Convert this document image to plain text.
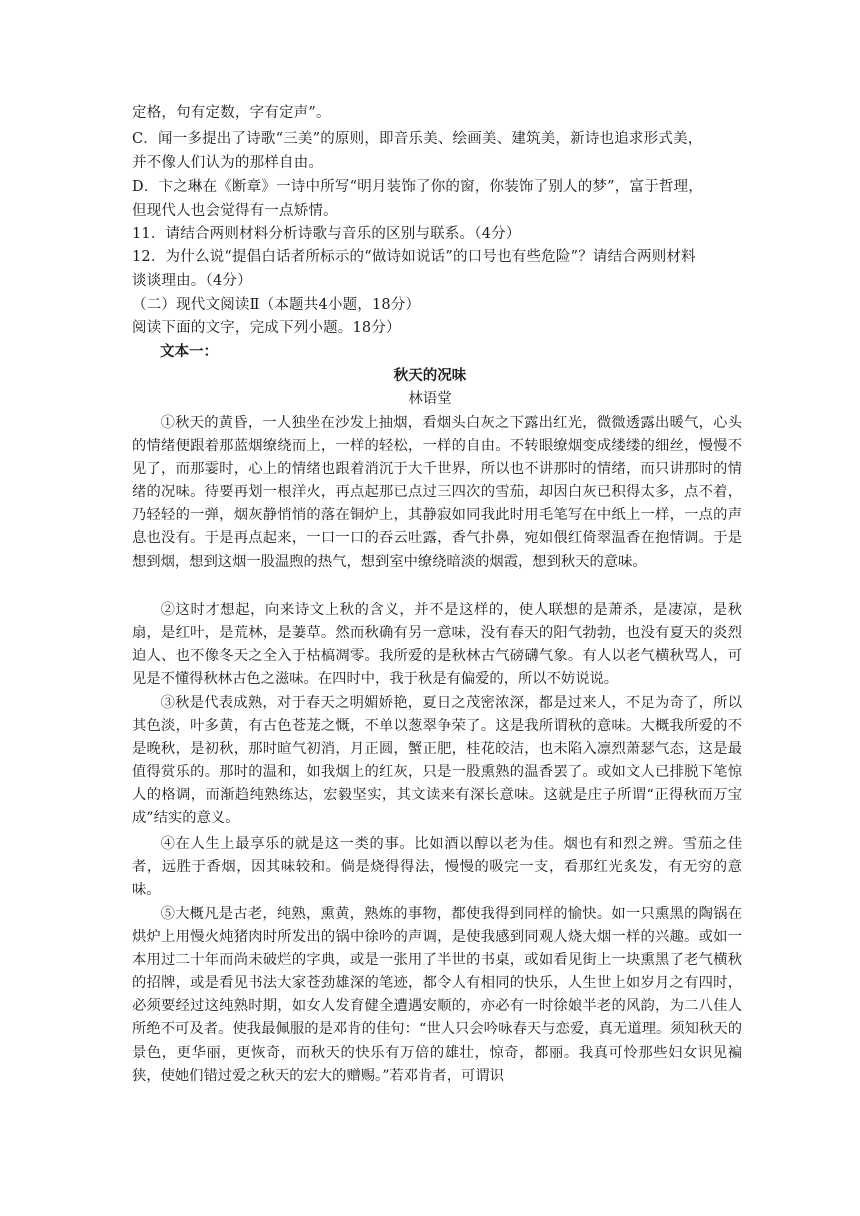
定格，句有定数，字有定声”。
C．闻一多提出了诗歌“三美”的原则，即音乐美、绘画美、建筑美，新诗也追求形式美，
并不像人们认为的那样自由。
D．卞之琳在《断章》一诗中所写“明月装饰了你的窗，你装饰了别人的梦”，富于哲理，
但现代人也会觉得有一点矫情。
11．请结合两则材料分析诗歌与音乐的区别与联系。（4分）
12．为什么说“提倡白话者所标示的“做诗如说话”的口号也有些危险”？请结合两则材料
谈谈理由。（4分）
（二）现代文阅读Ⅱ（本题共4小题，18分）
阅读下面的文字，完成下列小题。18分）
文本一：
秋天的况味
林语堂

①秋天的黄昏，一人独坐在沙发上抽烟，看烟头白灰之下露出红光，微微透露出暖气，心头的情绪便跟着那蓝烟缭绕而上，一样的轻松，一样的自由。不转眼缭烟变成缕缕的细丝，慢慢不见了，而那霎时，心上的情绪也跟着消沉于大千世界，所以也不讲那时的情绪，而只讲那时的情绪的况味。待要再划一根洋火，再点起那已点过三四次的雪茄，却因白灰已积得太多，点不着，乃轻轻的一弹，烟灰静悄悄的落在铜炉上，其静寂如同我此时用毛笔写在中纸上一样，一点的声息也没有。于是再点起来，一口一口的吞云吐露，香气扑鼻，宛如偎红倚翠温香在抱情调。于是想到烟，想到这烟一股温煦的热气，想到室中缭绕暗淡的烟霞，想到秋天的意味。

②这时才想起，向来诗文上秋的含义，并不是这样的，使人联想的是萧杀，是凄凉，是秋扇，是红叶，是荒林，是萋草。然而秋确有另一意味，没有春天的阳气勃勃，也没有夏天的炎烈迫人、也不像冬天之全入于枯槁凋零。我所爱的是秋林古气磅礴气象。有人以老气横秋骂人，可见是不懂得秋林古色之滋味。在四时中，我于秋是有偏爱的，所以不妨说说。

③秋是代表成熟，对于春天之明媚娇艳，夏日之茂密浓深，都是过来人，不足为奇了，所以其色淡，叶多黄，有古色苍茏之慨，不单以葱翠争荣了。这是我所谓秋的意味。大概我所爱的不是晚秋，是初秋，那时暄气初消，月正圆，蟹正肥，桂花皎洁，也未陷入凛烈萧瑟气态，这是最值得赏乐的。那时的温和，如我烟上的红灰，只是一股熏熟的温香罢了。或如文人已排脱下笔惊人的格调，而渐趋纯熟练达，宏毅坚实，其文读来有深长意味。这就是庄子所谓“正得秋而万宝成”结实的意义。

④在人生上最享乐的就是这一类的事。比如酒以醇以老为佳。烟也有和烈之辨。雪茄之佳者，远胜于香烟，因其味较和。倘是烧得得法，慢慢的吸完一支，看那红光炙发，有无穷的意味。

⑤大概凡是古老，纯熟，熏黄，熟炼的事物，都使我得到同样的愉快。如一只熏黑的陶锅在烘炉上用慢火炖猪肉时所发出的锅中徐吟的声调，是使我感到同观人烧大烟一样的兴趣。或如一本用过二十年而尚未破烂的字典，或是一张用了半世的书桌，或如看见街上一块熏黑了老气横秋的招牌，或是看见书法大家苍劲雄深的笔迹，都令人有相同的快乐，人生世上如岁月之有四时，必须要经过这纯熟时期，如女人发育健全遭遇安顺的，亦必有一时徐娘半老的风韵，为二八佳人所绝不可及者。使我最佩服的是邓肯的佳句：“世人只会吟咏春天与恋爱，真无道理。须知秋天的景色，更华丽，更恢奇，而秋天的快乐有万倍的雄壮，惊奇，都丽。我真可怜那些妇女识见褊狭，使她们错过爱之秋天的宏大的赠赐。”若邓肯者，可谓识
